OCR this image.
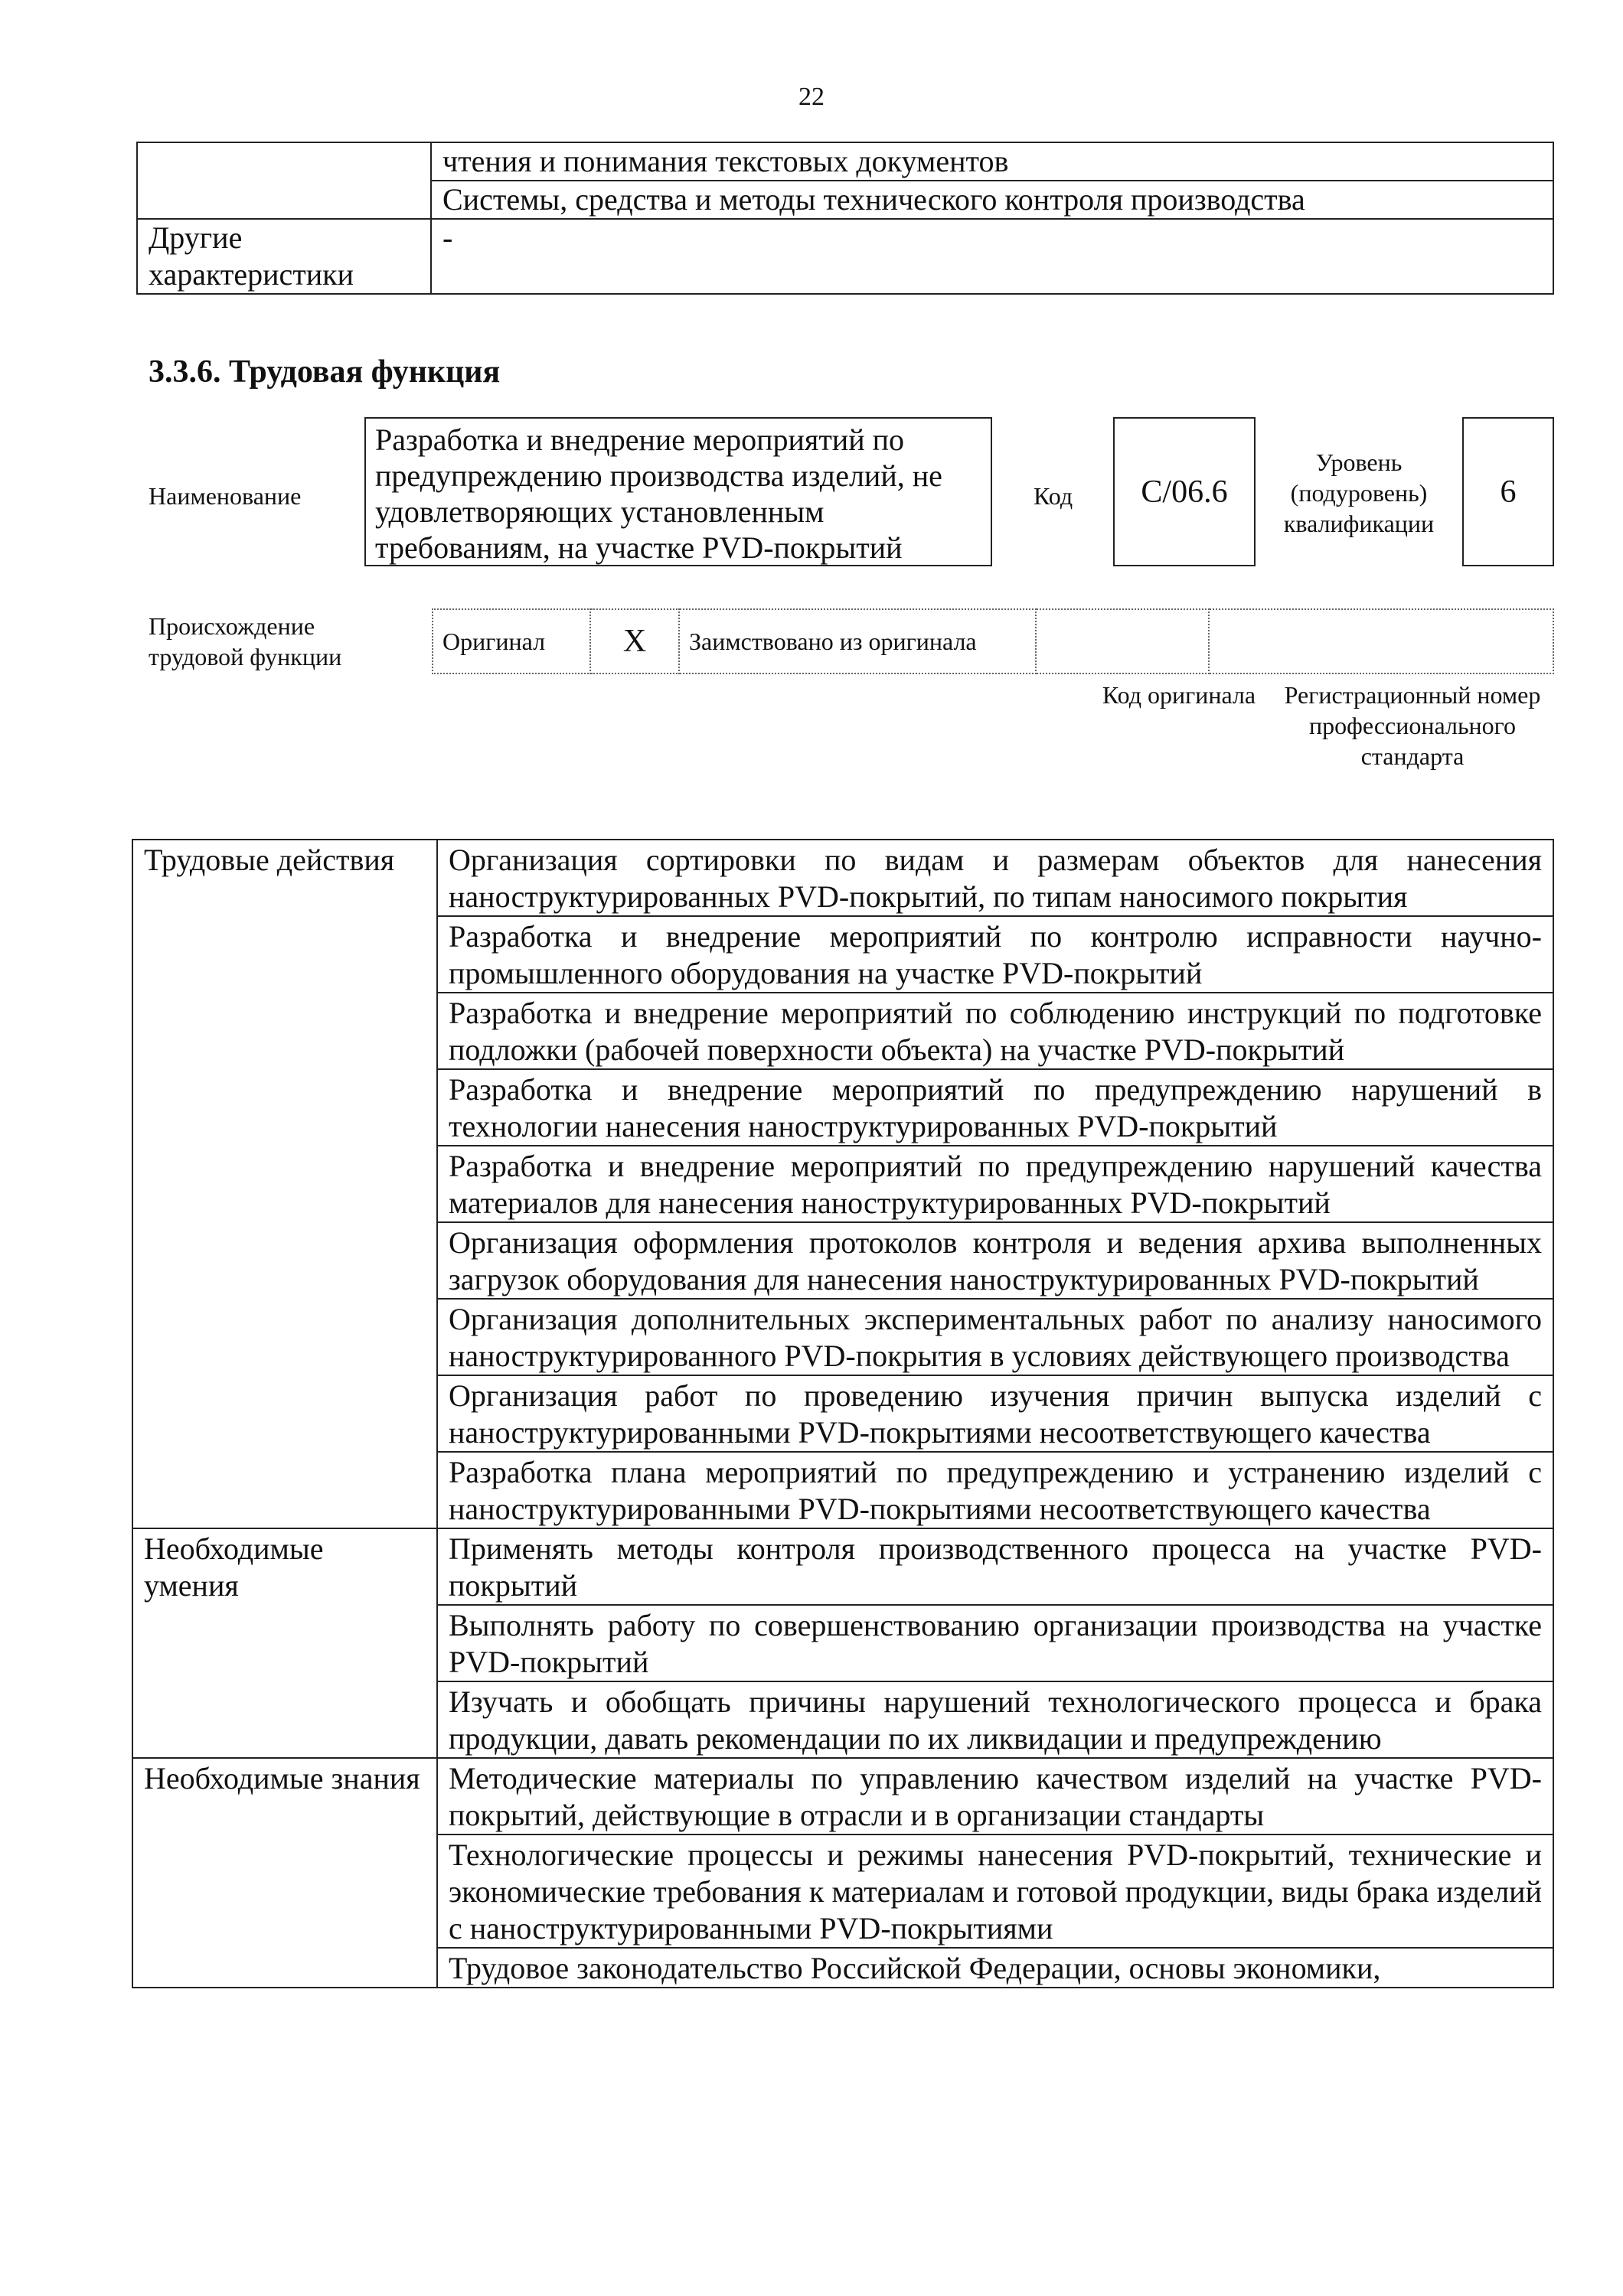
22
	чтения и понимания текстовых документов
	Системы, средства и методы технического контроля производства
Другие характеристики	-
3.3.6. Трудовая функция
Наименование
Разработка и внедрение мероприятий по предупреждению производства изделий, не удовлетворяющих установленным требованиям, на участке PVD-покрытий
Код	С/06.6
Уровень (подуровень) квалификации
6
Происхождение трудовой функции
Оригинал	X	Заимствовано из оригинала		
Код оригинала	Регистрационный номер профессионального стандарта
Трудовые действия	Организация сортировки по видам и размерам объектов для нанесения наноструктурированных PVD-покрытий, по типам наносимого покрытия
	Разработка и внедрение мероприятий по контролю исправности научно-промышленного оборудования на участке PVD-покрытий
	Разработка и внедрение мероприятий по соблюдению инструкций по подготовке подложки (рабочей поверхности объекта) на участке PVD-покрытий
	Разработка и внедрение мероприятий по предупреждению нарушений в технологии нанесения наноструктурированных PVD-покрытий
	Разработка и внедрение мероприятий по предупреждению нарушений качества материалов для нанесения наноструктурированных PVD-покрытий
	Организация оформления протоколов контроля и ведения архива выполненных загрузок оборудования для нанесения наноструктурированных PVD-покрытий
	Организация дополнительных экспериментальных работ по анализу наносимого наноструктурированного PVD-покрытия в условиях действующего производства
	Организация работ по проведению изучения причин выпуска изделий с наноструктурированными PVD-покрытиями несоответствующего качества
	Разработка плана мероприятий по предупреждению и устранению изделий с наноструктурированными PVD-покрытиями несоответствующего качества
Необходимые умения	Применять методы контроля производственного процесса на участке PVD-покрытий
	Выполнять работу по совершенствованию организации производства на участке PVD-покрытий
	Изучать и обобщать причины нарушений технологического процесса и брака продукции, давать рекомендации по их ликвидации и предупреждению
Необходимые знания	Методические материалы по управлению качеством изделий на участке PVD-покрытий, действующие в отрасли и в организации стандарты
	Технологические процессы и режимы нанесения PVD-покрытий, технические и экономические требования к материалам и готовой продукции, виды брака изделий с наноструктурированными PVD-покрытиями
	Трудовое законодательство Российской Федерации, основы экономики,
